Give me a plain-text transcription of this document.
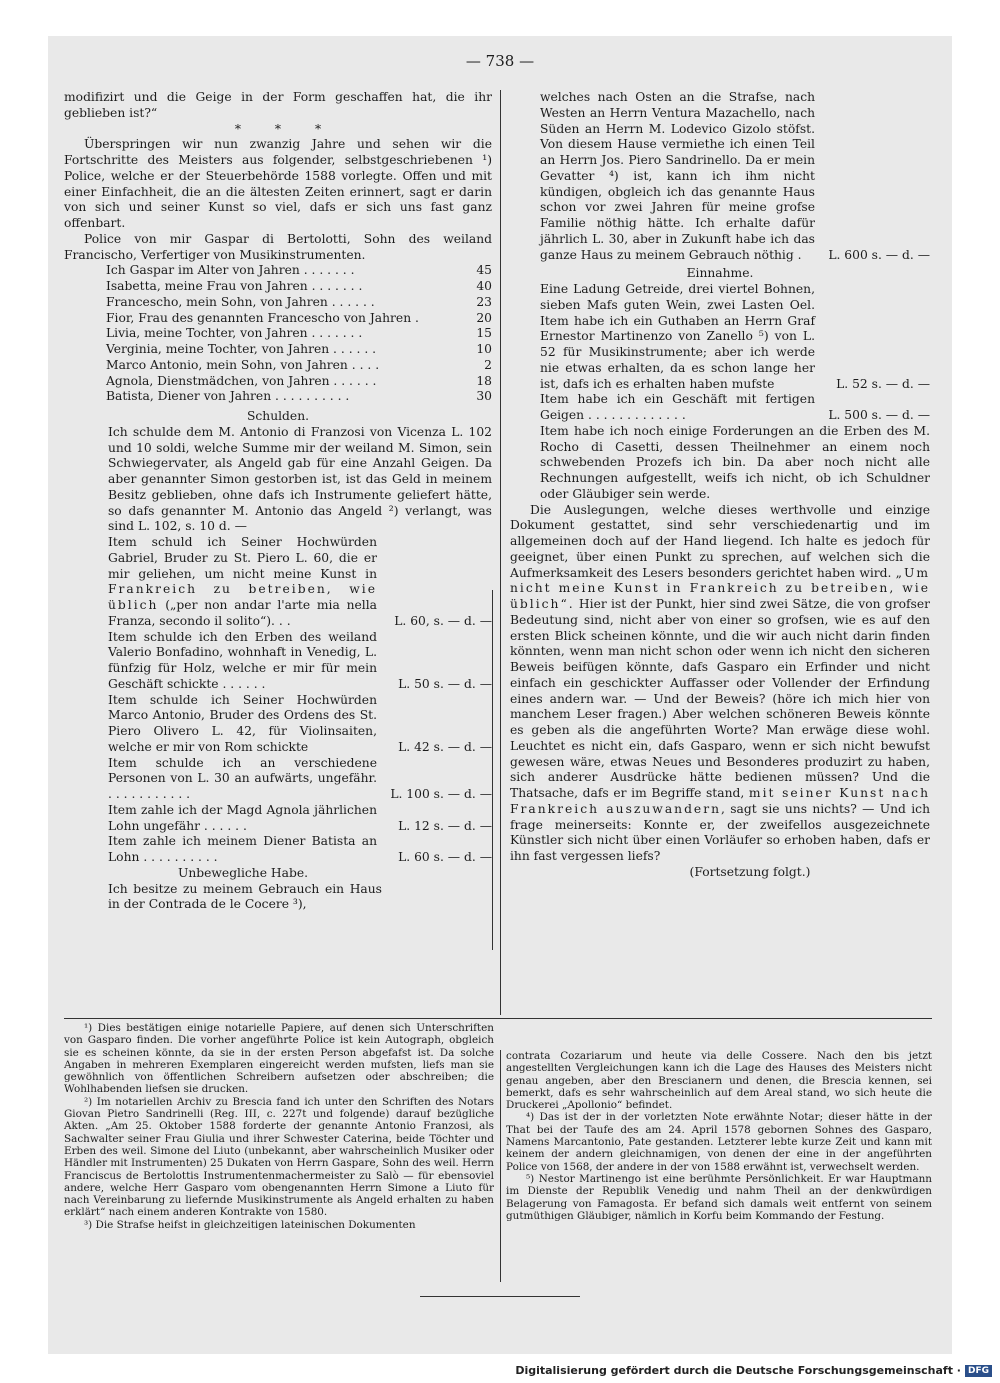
— 738 —

modifizirt und die Geige in der Form geschaffen hat, die ihr geblieben ist?“

* * *

Überspringen wir nun zwanzig Jahre und sehen wir die Fortschritte des Meisters aus folgender, selbstgeschriebenen ¹) Police, welche er der Steuerbehörde 1588 vorlegte. Offen und mit einer Einfachheit, die an die ältesten Zeiten erinnert, sagt er darin von sich und seiner Kunst so viel, dafs er sich uns fast ganz offenbart.

Police von mir Gaspar di Bertolotti, Sohn des weiland Francischo, Verfertiger von Musikinstrumenten.

Ich Gaspar im Alter von Jahren . . . . . . .	45
Isabetta, meine Frau von Jahren . . . . . . .	40
Francescho, mein Sohn, von Jahren . . . . . .	23
Fior, Frau des genannten Francescho von Jahren .	20
Livia, meine Tochter, von Jahren . . . . . . .	15
Verginia, meine Tochter, von Jahren . . . . . .	10
Marco Antonio, mein Sohn, von Jahren . . . .	2
Agnola, Dienstmädchen, von Jahren . . . . . .	18
Batista, Diener von Jahren . . . . . . . . . .	30

Schulden.

Ich schulde dem M. Antonio di Franzosi von Vicenza L. 102 und 10 soldi, welche Summe mir der weiland M. Simon, sein Schwiegervater, als Angeld gab für eine Anzahl Geigen. Da aber genannter Simon gestorben ist, ist das Geld in meinem Besitz geblieben, ohne dafs ich Instrumente geliefert hätte, so dafs genannter M. Antonio das Angeld ²) verlangt, was sind L. 102, s. 10 d. —

Item schuld ich Seiner Hochwürden Gabriel, Bruder zu St. Piero L. 60, die er mir geliehen, um nicht meine Kunst in Frankreich zu betreiben, wie üblich („per non andar l'arte mia nella Franza, secondo il solito“). . .	L. 60, s. — d. —
Item schulde ich den Erben des weiland Valerio Bonfadino, wohnhaft in Venedig, L. fünfzig für Holz, welche er mir für mein Geschäft schickte . . . . . .	L. 50 s. — d. —
Item schulde ich Seiner Hochwürden Marco Antonio, Bruder des Ordens des St. Piero Olivero L. 42, für Violinsaiten, welche er mir von Rom schickte	L. 42 s. — d. —
Item schulde ich an verschiedene Personen von L. 30 an aufwärts, ungefähr. . . . . . . . . . . .	L. 100 s. — d. —
Item zahle ich der Magd Agnola jährlichen Lohn ungefähr . . . . . .	L. 12 s. — d. —
Item zahle ich meinem Diener Batista an Lohn . . . . . . . . . .	L. 60 s. — d. —

Unbewegliche Habe.

Ich besitze zu meinem Gebrauch ein Haus in der Contrada de le Cocere ³),

welches nach Osten an die Strafse, nach Westen an Herrn Ventura Mazachello, nach Süden an Herrn M. Lodevico Gizolo stöfst. Von diesem Hause vermiethe ich einen Teil an Herrn Jos. Piero Sandrinello. Da er mein Gevatter ⁴) ist, kann ich ihm nicht kündigen, obgleich ich das genannte Haus schon vor zwei Jahren für meine grofse Familie nöthig hätte. Ich erhalte dafür jährlich L. 30, aber in Zukunft habe ich das ganze Haus zu meinem Gebrauch nöthig . L. 600 s. — d. —

Einnahme.

Eine Ladung Getreide, drei viertel Bohnen, sieben Mafs guten Wein, zwei Lasten Oel. Item habe ich ein Guthaben an Herrn Graf Ernestor Martinenzo von Zanello ⁵) von L. 52 für Musikinstrumente; aber ich werde nie etwas erhalten, da es schon lange her ist, dafs ich es erhalten haben mufste	L. 52 s. — d. —
Item habe ich ein Geschäft mit fertigen Geigen . . . . . . . . . . . . .	L. 500 s. — d. —

Item habe ich noch einige Forderungen an die Erben des M. Rocho di Casetti, dessen Theilnehmer an einem noch schwebenden Prozefs ich bin. Da aber noch nicht alle Rechnungen aufgestellt, weifs ich nicht, ob ich Schuldner oder Gläubiger sein werde.

Die Auslegungen, welche dieses werthvolle und einzige Dokument gestattet, sind sehr verschiedenartig und im allgemeinen doch auf der Hand liegend. Ich halte es jedoch für geeignet, über einen Punkt zu sprechen, auf welchen sich die Aufmerksamkeit des Lesers besonders gerichtet haben wird. „Um nicht meine Kunst in Frankreich zu betreiben, wie üblich“. Hier ist der Punkt, hier sind zwei Sätze, die von grofser Bedeutung sind, nicht aber von einer so grofsen, wie es auf den ersten Blick scheinen könnte, und die wir auch nicht darin finden könnten, wenn man nicht schon oder wenn ich nicht den sicheren Beweis beifügen könnte, dafs Gasparo ein Erfinder und nicht einfach ein geschickter Auffasser oder Vollender der Erfindung eines andern war. — Und der Beweis? (höre ich mich hier von manchem Leser fragen.) Aber welchen schöneren Beweis könnte es geben als die angeführten Worte? Man erwäge diese wohl. Leuchtet es nicht ein, dafs Gasparo, wenn er sich nicht bewufst gewesen wäre, etwas Neues und Besonderes produzirt zu haben, sich anderer Ausdrücke hätte bedienen müssen? Und die Thatsache, dafs er im Begriffe stand, mit seiner Kunst nach Frankreich auszuwandern, sagt sie uns nichts? — Und ich frage meinerseits: Konnte er, der zweifellos ausgezeichnete Künstler sich nicht über einen Vorläufer so erhoben haben, dafs er ihn fast vergessen liefs?

(Fortsetzung folgt.)

¹) Dies bestätigen einige notarielle Papiere, auf denen sich Unterschriften von Gasparo finden. Die vorher angeführte Police ist kein Autograph, obgleich sie es scheinen könnte, da sie in der ersten Person abgefafst ist. Da solche Angaben in mehreren Exemplaren eingereicht werden mufsten, liefs man sie gewöhnlich von öffentlichen Schreibern aufsetzen oder abschreiben; die Wohlhabenden liefsen sie drucken.

²) Im notariellen Archiv zu Brescia fand ich unter den Schriften des Notars Giovan Pietro Sandrinelli (Reg. III, c. 227t und folgende) darauf bezügliche Akten. „Am 25. Oktober 1588 forderte der genannte Antonio Franzosi, als Sachwalter seiner Frau Giulia und ihrer Schwester Caterina, beide Töchter und Erben des weil. Simone del Liuto (unbekannt, aber wahrscheinlich Musiker oder Händler mit Instrumenten) 25 Dukaten von Herrn Gaspare, Sohn des weil. Herrn Franciscus de Bertolottis Instrumentenmachermeister zu Salò — für ebensoviel andere, welche Herr Gasparo vom obengenannten Herrn Simone a Liuto für nach Vereinbarung zu liefernde Musikinstrumente als Angeld erhalten zu haben erklärt“ nach einem anderen Kontrakte von 1580.

³) Die Strafse heifst in gleichzeitigen lateinischen Dokumenten

contrata Cozariarum und heute via delle Cossere. Nach den bis jetzt angestellten Vergleichungen kann ich die Lage des Hauses des Meisters nicht genau angeben, aber den Brescianern und denen, die Brescia kennen, sei bemerkt, dafs es sehr wahrscheinlich auf dem Areal stand, wo sich heute die Druckerei „Apollonio“ befindet.

⁴) Das ist der in der vorletzten Note erwähnte Notar; dieser hätte in der That bei der Taufe des am 24. April 1578 gebornen Sohnes des Gasparo, Namens Marcantonio, Pate gestanden. Letzterer lebte kurze Zeit und kann mit keinem der andern gleichnamigen, von denen der eine in der angeführten Police von 1568, der andere in der von 1588 erwähnt ist, verwechselt werden.

⁵) Nestor Martinengo ist eine berühmte Persönlichkeit. Er war Hauptmann im Dienste der Republik Venedig und nahm Theil an der denkwürdigen Belagerung von Famagosta. Er befand sich damals weit entfernt von seinem gutmüthigen Gläubiger, nämlich in Korfu beim Kommando der Festung.

Digitalisierung gefördert durch die Deutsche Forschungsgemeinschaft · DFG
